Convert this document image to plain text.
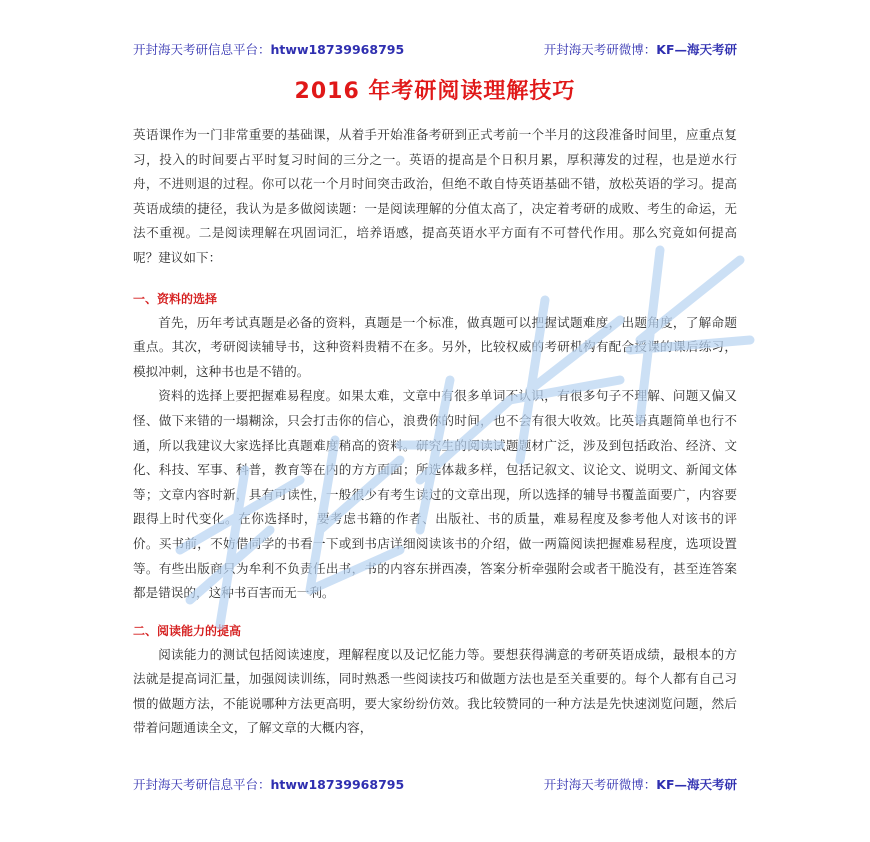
开封海天考研信息平台：htww18739968795	开封海天考研微博：KF—海天考研
2016 年考研阅读理解技巧

英语课作为一门非常重要的基础课，从着手开始准备考研到正式考前一个半月的这段准备时间里，应重点复习，投入的时间要占平时复习时间的三分之一。英语的提高是个日积月累，厚积薄发的过程，也是逆水行舟，不进则退的过程。你可以花一个月时间突击政治，但绝不敢自恃英语基础不错，放松英语的学习。提高英语成绩的捷径，我认为是多做阅读题：一是阅读理解的分值太高了，决定着考研的成败、考生的命运，无法不重视。二是阅读理解在巩固词汇，培养语感，提高英语水平方面有不可替代作用。那么究竟如何提高呢？建议如下：

一、资料的选择

首先，历年考试真题是必备的资料，真题是一个标准，做真题可以把握试题难度，出题角度，了解命题重点。其次，考研阅读辅导书，这种资料贵精不在多。另外，比较权威的考研机构有配合授课的课后练习，模拟冲刺，这种书也是不错的。

资料的选择上要把握难易程度。如果太难，文章中有很多单词不认识，有很多句子不理解、问题又偏又怪、做下来错的一塌糊涂，只会打击你的信心，浪费你的时间，也不会有很大收效。比英语真题简单也行不通，所以我建议大家选择比真题难度稍高的资料。研究生的阅读试题题材广泛，涉及到包括政治、经济、文化、科技、军事、科普，教育等在内的方方面面；所选体裁多样，包括记叙文、议论文、说明文、新闻文体等；文章内容时新，具有可读性，一般很少有考生读过的文章出现，所以选择的辅导书覆盖面要广，内容要跟得上时代变化。在你选择时，要考虑书籍的作者、出版社、书的质量，难易程度及参考他人对该书的评价。买书前，不妨借同学的书看一下或到书店详细阅读该书的介绍，做一两篇阅读把握难易程度，选项设置等。有些出版商只为牟利不负责任出书，书的内容东拼西凑，答案分析牵强附会或者干脆没有，甚至连答案都是错误的，这种书百害而无一利。

二、阅读能力的提高

阅读能力的测试包括阅读速度，理解程度以及记忆能力等。要想获得满意的考研英语成绩，最根本的方法就是提高词汇量，加强阅读训练，同时熟悉一些阅读技巧和做题方法也是至关重要的。每个人都有自己习惯的做题方法，不能说哪种方法更高明，要大家纷纷仿效。我比较赞同的一种方法是先快速浏览问题，然后带着问题通读全文，了解文章的大概内容，

开封海天考研信息平台：htww18739968795	开封海天考研微博：KF—海天考研
